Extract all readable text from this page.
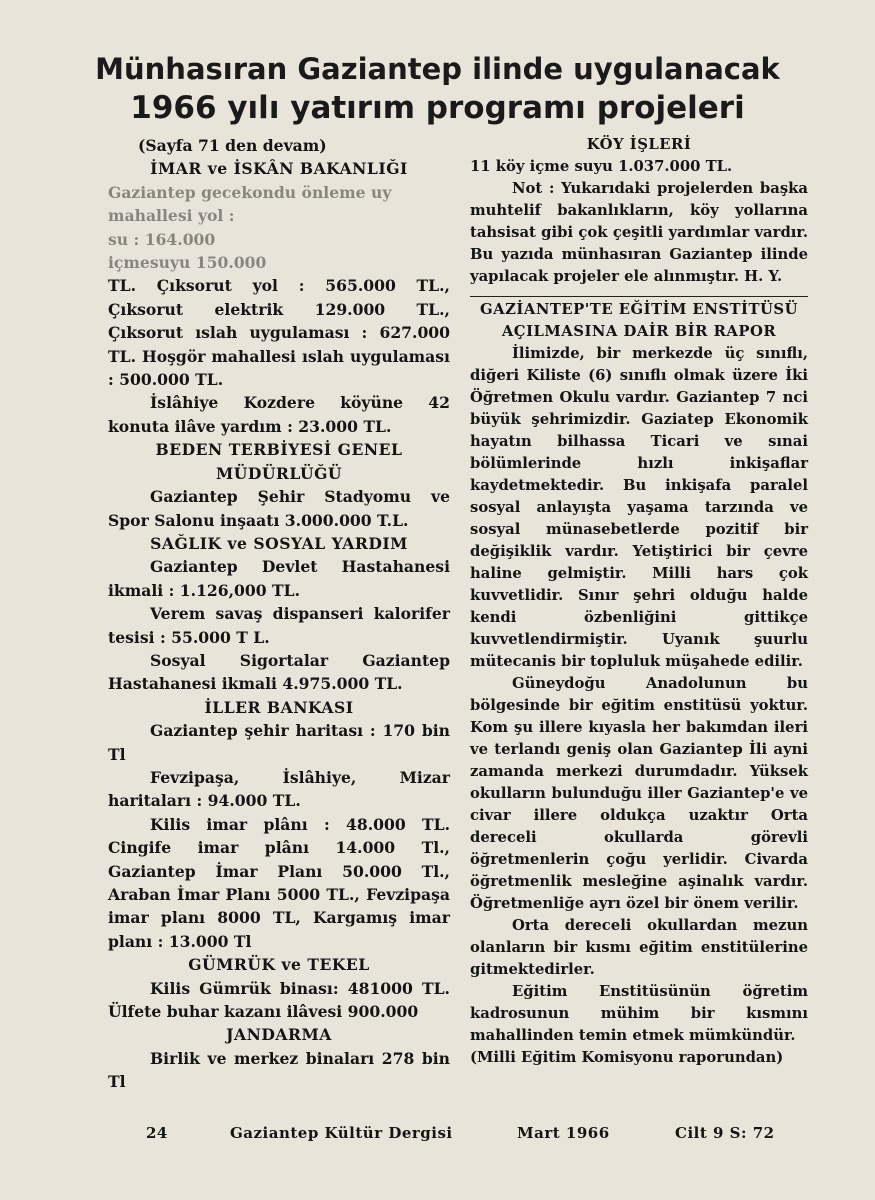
Münhasıran Gaziantep ilinde uygulanacak
1966 yılı yatırım programı projeleri

(Sayfa 71 den devam)

İMAR ve İSKÂN BAKANLIĞI

Gaziantep gecekondu önleme uy

mahallesi yol :

su : 164.000

içmesuyu 150.000

TL. Çıksorut yol : 565.000 TL., Çıksorut elektrik 129.000 TL., Çıksorut ıslah uygulaması : 627.000 TL. Hoşgör mahallesi ıslah uygulaması : 500.000 TL.

İslâhiye Kozdere köyüne 42 konuta ilâve yardım : 23.000 TL.

BEDEN TERBİYESİ GENEL

MÜDÜRLÜĞÜ

Gaziantep Şehir Stadyomu ve Spor Salonu inşaatı 3.000.000 T.L.

SAĞLIK ve SOSYAL YARDIM

Gaziantep Devlet Hastahanesi ikmali : 1.126,000 TL.

Verem savaş dispanseri kalorifer tesisi : 55.000 T L.

Sosyal Sigortalar Gaziantep Hastahanesi ikmali 4.975.000 TL.

İLLER BANKASI

Gaziantep şehir haritası : 170 bin Tl

Fevzipaşa, İslâhiye, Mizar haritaları : 94.000 TL.

Kilis imar plânı : 48.000 TL. Cingife imar plânı 14.000 Tl., Gaziantep İmar Planı 50.000 Tl., Araban İmar Planı 5000 TL., Fevzipaşa imar planı 8000 TL, Kargamış imar planı : 13.000 Tl

GÜMRÜK ve TEKEL

Kilis Gümrük binası: 481000 TL. Ülfete buhar kazanı ilâvesi 900.000

JANDARMA

Birlik ve merkez binaları 278 bin Tl

KÖY İŞLERİ

11 köy içme suyu 1.037.000 TL.

Not : Yukarıdaki projelerden başka muhtelif bakanlıkların, köy yollarına tahsisat gibi çok çeşitli yardımlar vardır. Bu yazıda münhasıran Gaziantep ilinde yapılacak projeler ele alınmıştır. H. Y.

GAZİANTEP'TE EĞİTİM ENSTİTÜSÜ

AÇILMASINA DAİR BİR RAPOR

İlimizde, bir merkezde üç sınıflı, diğeri Kiliste (6) sınıflı olmak üzere İki Öğretmen Okulu vardır. Gaziantep 7 nci büyük şehrimizdir. Gaziatep Ekonomik hayatın bilhassa Ticari ve sınai bölümlerinde hızlı inkişaflar kaydetmektedir. Bu inkişafa paralel sosyal anlayışta yaşama tarzında ve sosyal münasebetlerde pozitif bir değişiklik vardır. Yetiştirici bir çevre haline gelmiştir. Milli hars çok kuvvetlidir. Sınır şehri olduğu halde kendi özbenliğini gittikçe kuvvetlendirmiştir. Uyanık şuurlu mütecanis bir topluluk müşahede edilir.

Güneydoğu Anadolunun bu bölgesinde bir eğitim enstitüsü yoktur. Kom şu illere kıyasla her bakımdan ileri ve terlandı geniş olan Gaziantep İli ayni zamanda merkezi durumdadır. Yüksek okulların bulunduğu iller Gaziantep'e ve civar illere oldukça uzaktır Orta dereceli okullarda görevli öğretmenlerin çoğu yerlidir. Civarda öğretmenlik mesleğine aşinalık vardır. Öğretmenliğe ayrı özel bir önem verilir.

Orta dereceli okullardan mezun olanların bir kısmı eğitim enstitülerine gitmektedirler.

Eğitim Enstitüsünün öğretim kadrosunun mühim bir kısmını mahallinden temin etmek mümkündür.

(Milli Eğitim Komisyonu raporundan)

24	Gaziantep Kültür Dergisi	Mart 1966	Cilt 9 S: 72
